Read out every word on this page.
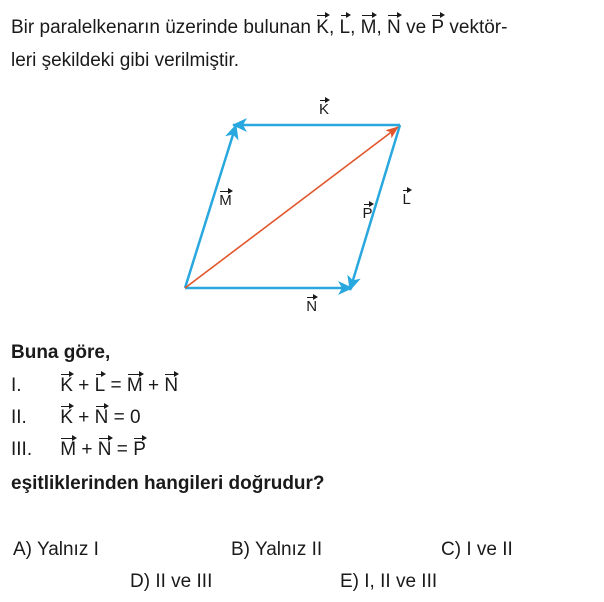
Bir paralelkenarın üzerinde bulunan K, L, M, N ve P vektör-
leri şekildeki gibi verilmiştir.
K L M N P
Buna göre,
I. K + L = M + N
II. K + N = 0
III. M + N = P
eşitliklerinden hangileri doğrudur?
A) Yalnız I	B) Yalnız II	C) I ve II
D) II ve III	E) I, II ve III
